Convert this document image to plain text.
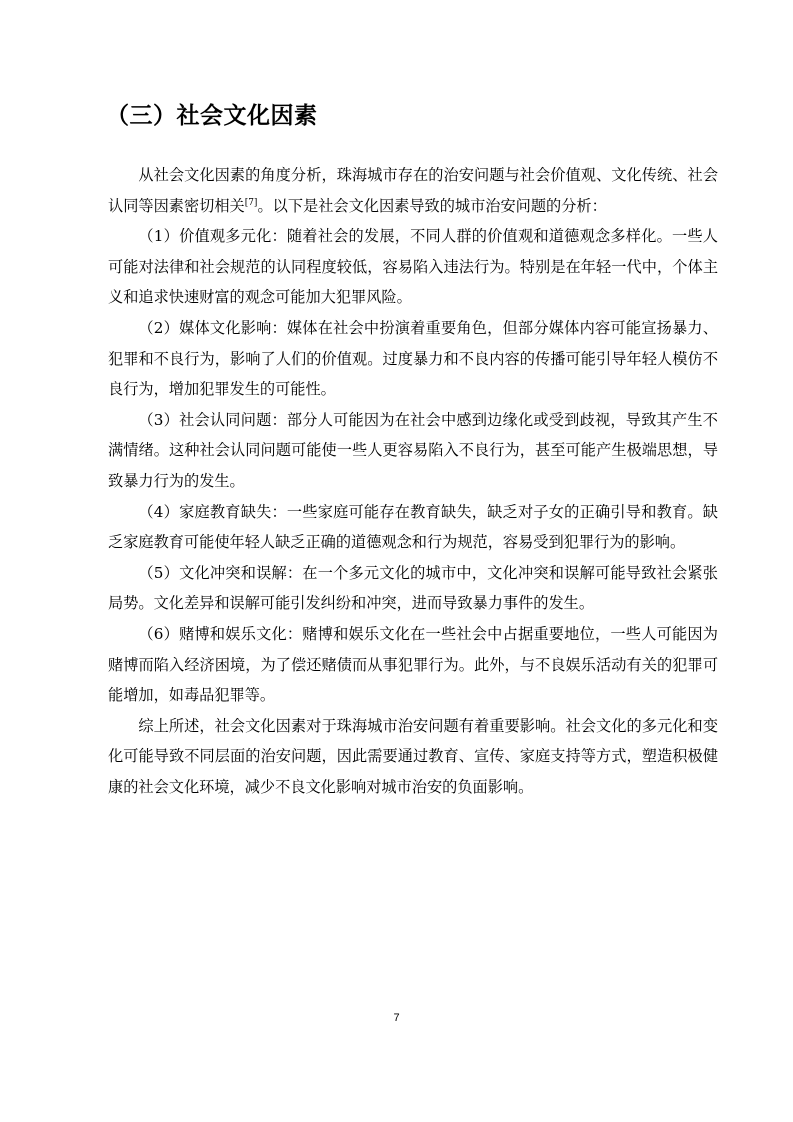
（三）社会文化因素

从社会文化因素的角度分析，珠海城市存在的治安问题与社会价值观、文化传统、社会认同等因素密切相关[7]。以下是社会文化因素导致的城市治安问题的分析：

（1）价值观多元化：随着社会的发展，不同人群的价值观和道德观念多样化。一些人可能对法律和社会规范的认同程度较低，容易陷入违法行为。特别是在年轻一代中，个体主义和追求快速财富的观念可能加大犯罪风险。

（2）媒体文化影响：媒体在社会中扮演着重要角色，但部分媒体内容可能宣扬暴力、犯罪和不良行为，影响了人们的价值观。过度暴力和不良内容的传播可能引导年轻人模仿不良行为，增加犯罪发生的可能性。

（3）社会认同问题：部分人可能因为在社会中感到边缘化或受到歧视，导致其产生不满情绪。这种社会认同问题可能使一些人更容易陷入不良行为，甚至可能产生极端思想，导致暴力行为的发生。

（4）家庭教育缺失：一些家庭可能存在教育缺失，缺乏对子女的正确引导和教育。缺乏家庭教育可能使年轻人缺乏正确的道德观念和行为规范，容易受到犯罪行为的影响。

（5）文化冲突和误解：在一个多元文化的城市中，文化冲突和误解可能导致社会紧张局势。文化差异和误解可能引发纠纷和冲突，进而导致暴力事件的发生。

（6）赌博和娱乐文化：赌博和娱乐文化在一些社会中占据重要地位，一些人可能因为赌博而陷入经济困境，为了偿还赌债而从事犯罪行为。此外，与不良娱乐活动有关的犯罪可能增加，如毒品犯罪等。

综上所述，社会文化因素对于珠海城市治安问题有着重要影响。社会文化的多元化和变化可能导致不同层面的治安问题，因此需要通过教育、宣传、家庭支持等方式，塑造积极健康的社会文化环境，减少不良文化影响对城市治安的负面影响。

7
